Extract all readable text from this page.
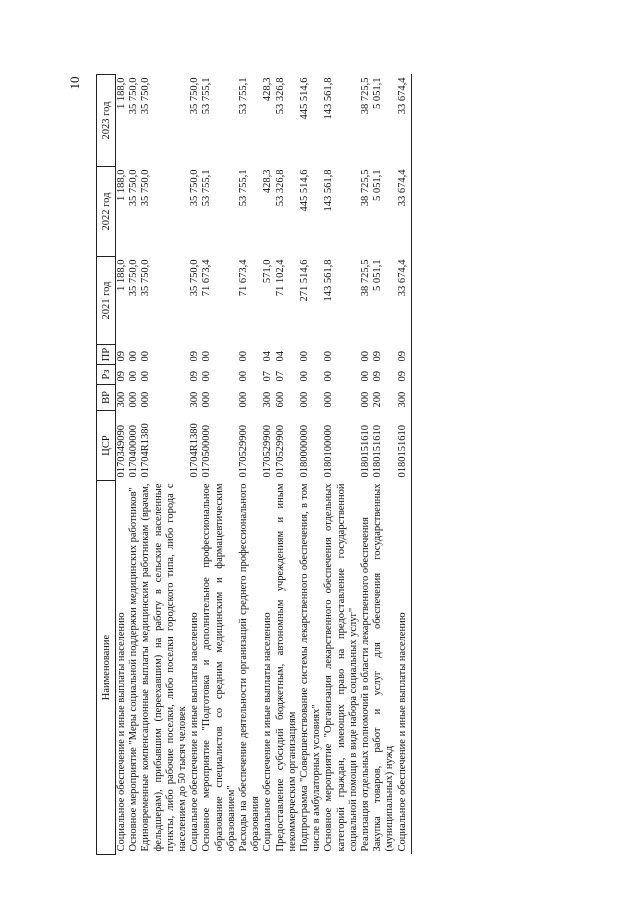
10
Наименование	ЦСР	ВР	Рз	ПР	2021 год	2022 год	2023 год
Социальное обеспечение и иные выплаты населению	0170349090	300	09	09	1 188,0	1 188,0	1 188,0
Основное мероприятие "Меры социальной поддержки медицинских работников"	0170400000	000	00	00	35 750,0	35 750,0	35 750,0
Единовременные компенсационные выплаты медицинским работникам (врачам, фельдшерам), прибывшим (переехавшим) на работу в сельские населенные пункты, либо рабочие поселки, либо поселки городского типа, либо города с населением до 50 тысяч человек	01704R1380	000	00	00	35 750,0	35 750,0	35 750,0
Социальное обеспечение и иные выплаты населению	01704R1380	300	09	09	35 750,0	35 750,0	35 750,0
Основное мероприятие "Подготовка и дополнительное профессиональное образование специалистов со средним медицинским и фармацевтическим образованием"	0170500000	000	00	00	71 673,4	53 755,1	53 755,1
Расходы на обеспечение деятельности организаций среднего профессионального образования	0170529900	000	00	00	71 673,4	53 755,1	53 755,1
Социальное обеспечение и иные выплаты населению	0170529900	300	07	04	571,0	428,3	428,3
Предоставление субсидий бюджетным, автономным учреждениям и иным некоммерческим организациям	0170529900	600	07	04	71 102,4	53 326,8	53 326,8
Подпрограмма "Совершенствование системы лекарственного обеспечения, в том числе в амбулаторных условиях"	0180000000	000	00	00	271 514,6	445 514,6	445 514,6
Основное мероприятие "Организация лекарственного обеспечения отдельных категорий граждан, имеющих право на предоставление государственной социальной помощи в виде набора социальных услуг"	0180100000	000	00	00	143 561,8	143 561,8	143 561,8
Реализация отдельных полномочий в области лекарственного обеспечения	0180151610	000	00	00	38 725,5	38 725,5	38 725,5
Закупка товаров, работ и услуг для обеспечения государственных (муниципальных) нужд	0180151610	200	09	09	5 051,1	5 051,1	5 051,1
Социальное обеспечение и иные выплаты населению	0180151610	300	09	09	33 674,4	33 674,4	33 674,4
